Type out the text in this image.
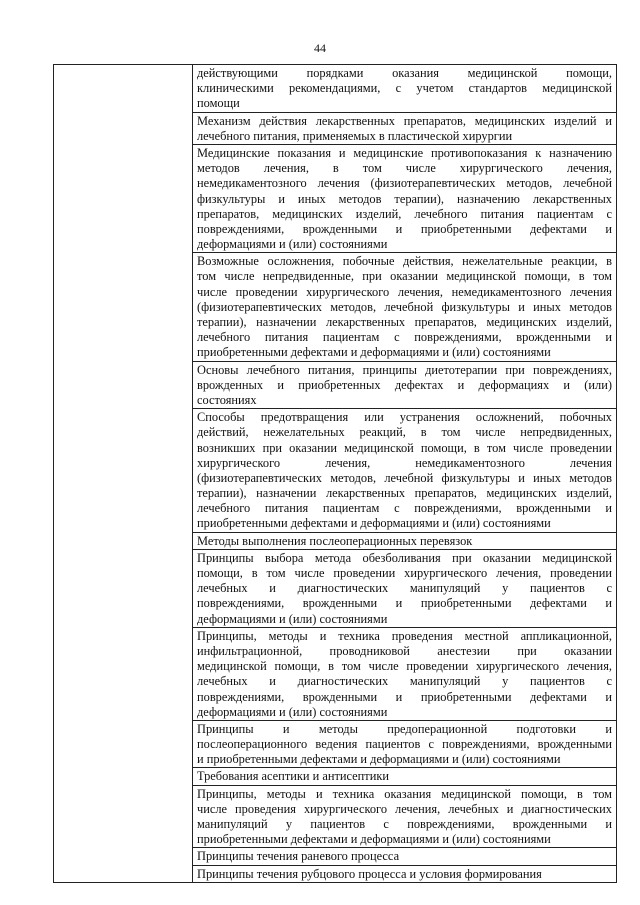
44

действующими порядками оказания медицинской помощи,
клиническими рекомендациями, с учетом стандартов медицинской
помощи

Механизм действия лекарственных препаратов, медицинских изделий и
лечебного питания, применяемых в пластической хирургии

Медицинские показания и медицинские противопоказания к назначению
методов лечения, в том числе хирургического лечения,
немедикаментозного лечения (физиотерапевтических методов, лечебной
физкультуры и иных методов терапии), назначению лекарственных
препаратов, медицинских изделий, лечебного питания пациентам с
повреждениями, врожденными и приобретенными дефектами и
деформациями и (или) состояниями

Возможные осложнения, побочные действия, нежелательные реакции, в
том числе непредвиденные, при оказании медицинской помощи, в том
числе проведении хирургического лечения, немедикаментозного лечения
(физиотерапевтических методов, лечебной физкультуры и иных методов
терапии), назначении лекарственных препаратов, медицинских изделий,
лечебного питания пациентам с повреждениями, врожденными и
приобретенными дефектами и деформациями и (или) состояниями

Основы лечебного питания, принципы диетотерапии при повреждениях,
врожденных и приобретенных дефектах и деформациях и (или)
состояниях

Способы предотвращения или устранения осложнений, побочных
действий, нежелательных реакций, в том числе непредвиденных,
возникших при оказании медицинской помощи, в том числе проведении
хирургического лечения, немедикаментозного лечения
(физиотерапевтических методов, лечебной физкультуры и иных методов
терапии), назначении лекарственных препаратов, медицинских изделий,
лечебного питания пациентам с повреждениями, врожденными и
приобретенными дефектами и деформациями и (или) состояниями

Методы выполнения послеоперационных перевязок

Принципы выбора метода обезболивания при оказании медицинской
помощи, в том числе проведении хирургического лечения, проведении
лечебных и диагностических манипуляций у пациентов с
повреждениями, врожденными и приобретенными дефектами и
деформациями и (или) состояниями

Принципы, методы и техника проведения местной аппликационной,
инфильтрационной, проводниковой анестезии при оказании
медицинской помощи, в том числе проведении хирургического лечения,
лечебных и диагностических манипуляций у пациентов с
повреждениями, врожденными и приобретенными дефектами и
деформациями и (или) состояниями

Принципы и методы предоперационной подготовки и
послеоперационного ведения пациентов с повреждениями, врожденными
и приобретенными дефектами и деформациями и (или) состояниями

Требования асептики и антисептики

Принципы, методы и техника оказания медицинской помощи, в том
числе проведения хирургического лечения, лечебных и диагностических
манипуляций у пациентов с повреждениями, врожденными и
приобретенными дефектами и деформациями и (или) состояниями

Принципы течения раневого процесса

Принципы течения рубцового процесса и условия формирования
